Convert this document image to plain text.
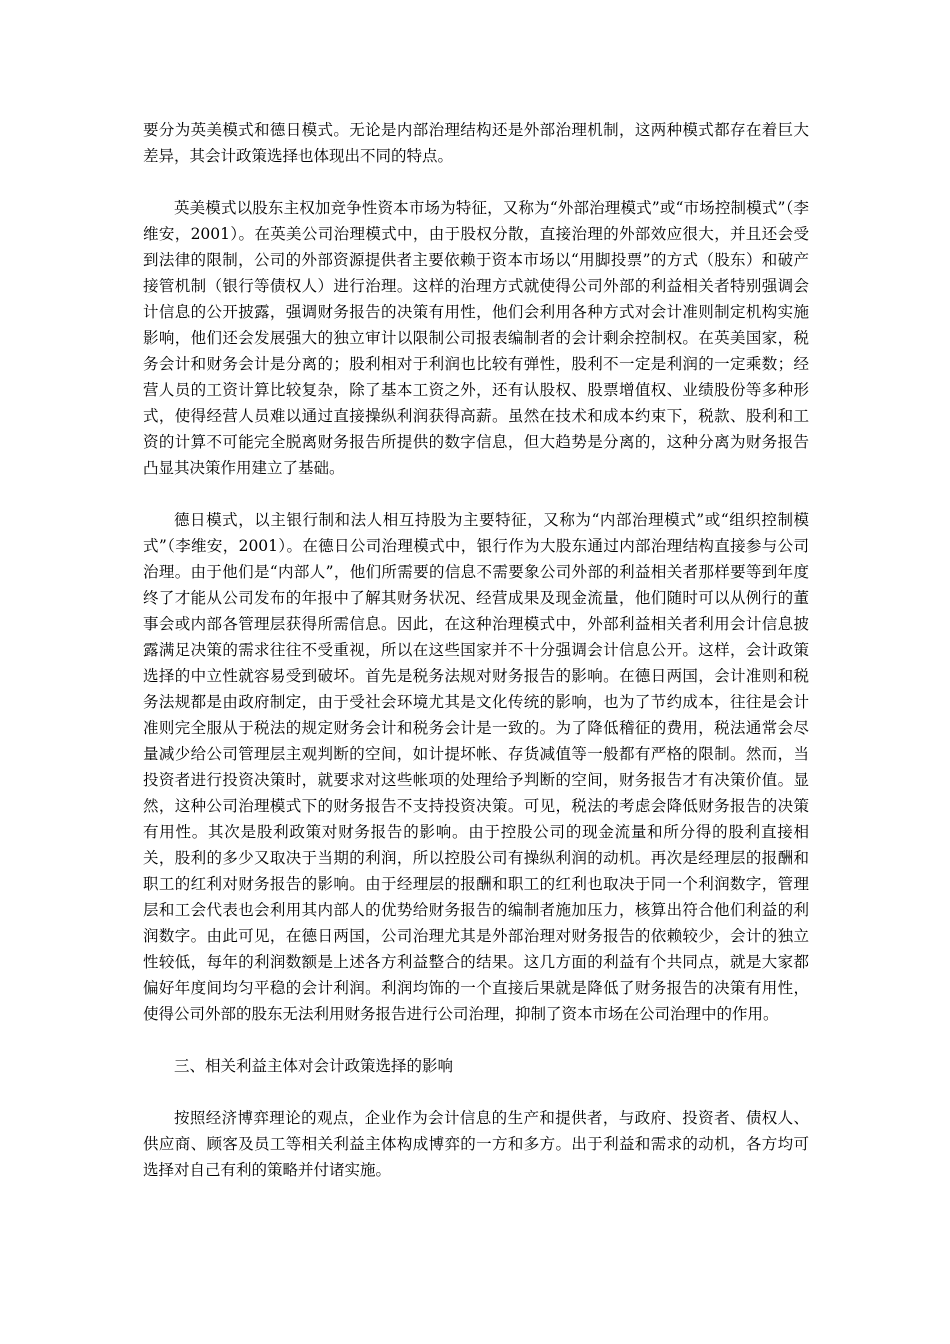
要分为英美模式和德日模式。无论是内部治理结构还是外部治理机制，这两种模式都存在着巨大差异，其会计政策选择也体现出不同的特点。

英美模式以股东主权加竞争性资本市场为特征，又称为“外部治理模式”或“市场控制模式”（李维安，2001）。在英美公司治理模式中，由于股权分散，直接治理的外部效应很大，并且还会受到法律的限制，公司的外部资源提供者主要依赖于资本市场以“用脚投票”的方式（股东）和破产接管机制（银行等债权人）进行治理。这样的治理方式就使得公司外部的利益相关者特别强调会计信息的公开披露，强调财务报告的决策有用性，他们会利用各种方式对会计准则制定机构实施影响，他们还会发展强大的独立审计以限制公司报表编制者的会计剩余控制权。在英美国家，税务会计和财务会计是分离的；股利相对于利润也比较有弹性，股利不一定是利润的一定乘数；经营人员的工资计算比较复杂，除了基本工资之外，还有认股权、股票增值权、业绩股份等多种形式，使得经营人员难以通过直接操纵利润获得高薪。虽然在技术和成本约束下，税款、股利和工资的计算不可能完全脱离财务报告所提供的数字信息，但大趋势是分离的，这种分离为财务报告凸显其决策作用建立了基础。

德日模式，以主银行制和法人相互持股为主要特征，又称为“内部治理模式”或“组织控制模式”（李维安，2001）。在德日公司治理模式中，银行作为大股东通过内部治理结构直接参与公司治理。由于他们是“内部人”，他们所需要的信息不需要象公司外部的利益相关者那样要等到年度终了才能从公司发布的年报中了解其财务状况、经营成果及现金流量，他们随时可以从例行的董事会或内部各管理层获得所需信息。因此，在这种治理模式中，外部利益相关者利用会计信息披露满足决策的需求往往不受重视，所以在这些国家并不十分强调会计信息公开。这样，会计政策选择的中立性就容易受到破坏。首先是税务法规对财务报告的影响。在德日两国，会计准则和税务法规都是由政府制定，由于受社会环境尤其是文化传统的影响，也为了节约成本，往往是会计准则完全服从于税法的规定财务会计和税务会计是一致的。为了降低稽征的费用，税法通常会尽量减少给公司管理层主观判断的空间，如计提坏帐、存货减值等一般都有严格的限制。然而，当投资者进行投资决策时，就要求对这些帐项的处理给予判断的空间，财务报告才有决策价值。显然，这种公司治理模式下的财务报告不支持投资决策。可见，税法的考虑会降低财务报告的决策有用性。其次是股利政策对财务报告的影响。由于控股公司的现金流量和所分得的股利直接相关，股利的多少又取决于当期的利润，所以控股公司有操纵利润的动机。再次是经理层的报酬和职工的红利对财务报告的影响。由于经理层的报酬和职工的红利也取决于同一个利润数字，管理层和工会代表也会利用其内部人的优势给财务报告的编制者施加压力，核算出符合他们利益的利润数字。由此可见，在德日两国，公司治理尤其是外部治理对财务报告的依赖较少，会计的独立性较低，每年的利润数额是上述各方利益整合的结果。这几方面的利益有个共同点，就是大家都偏好年度间均匀平稳的会计利润。利润均饰的一个直接后果就是降低了财务报告的决策有用性，使得公司外部的股东无法利用财务报告进行公司治理，抑制了资本市场在公司治理中的作用。

三、相关利益主体对会计政策选择的影响

按照经济博弈理论的观点，企业作为会计信息的生产和提供者，与政府、投资者、债权人、供应商、顾客及员工等相关利益主体构成博弈的一方和多方。出于利益和需求的动机，各方均可选择对自己有利的策略并付诸实施。
